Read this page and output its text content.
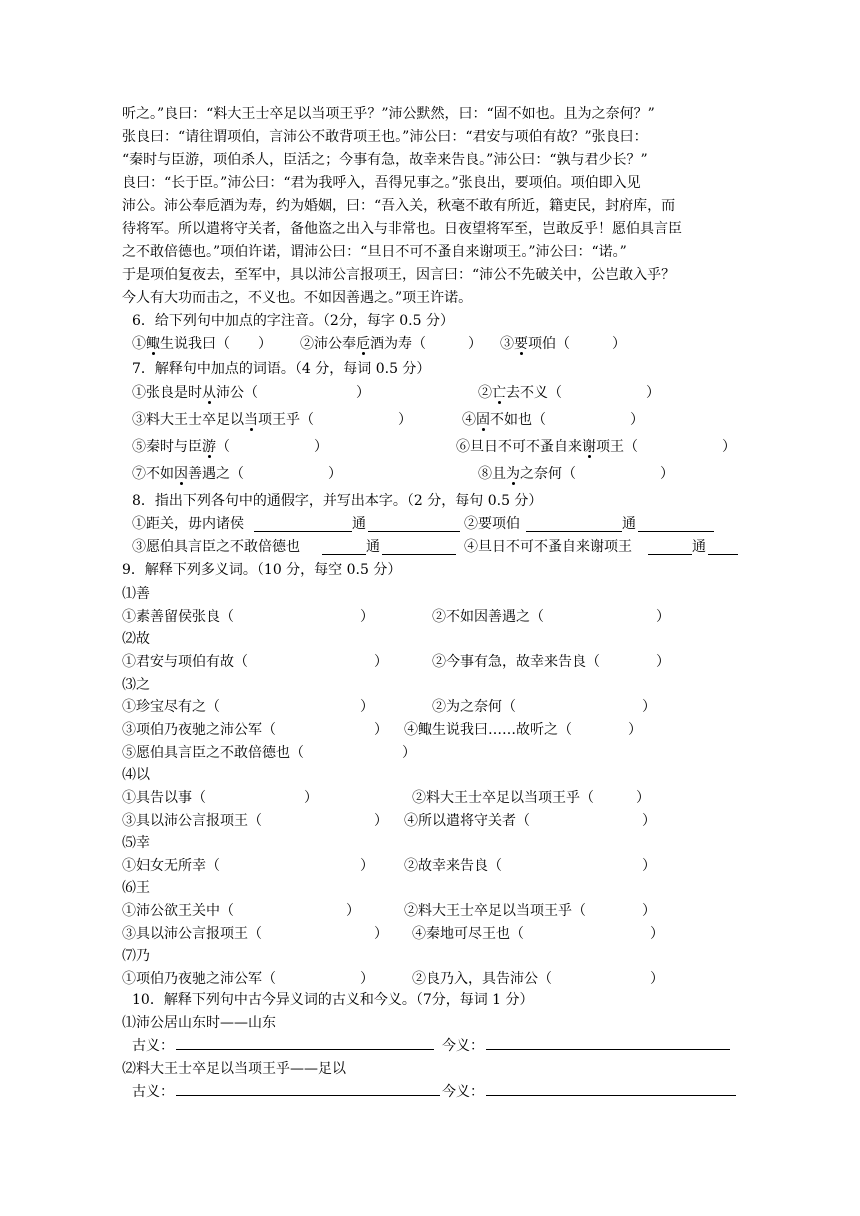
听之。”良曰：“料大王士卒足以当项王乎？”沛公默然，曰：“固不如也。且为之奈何？”
张良曰：“请往谓项伯，言沛公不敢背项王也。”沛公曰：“君安与项伯有故？”张良曰：
“秦时与臣游，项伯杀人，臣活之；今事有急，故幸来告良。”沛公曰：“孰与君少长？”
良曰：“长于臣。”沛公曰：“君为我呼入，吾得兄事之。”张良出，要项伯。项伯即入见
沛公。沛公奉卮酒为寿，约为婚姻，曰：“吾入关，秋毫不敢有所近，籍吏民，封府库，而
待将军。所以遣将守关者，备他盗之出入与非常也。日夜望将军至，岂敢反乎！愿伯具言臣
之不敢倍德也。”项伯许诺，谓沛公曰：“旦日不可不蚤自来谢项王。”沛公曰：“诺。”
于是项伯复夜去，至军中，具以沛公言报项王，因言曰：“沛公不先破关中，公岂敢入乎？
今人有大功而击之，不义也。不如因善遇之。”项王许诺。
6．给下列句中加点的字注音。（2分，每字 0.5 分）
①鲰生说我曰（　　） ②沛公奉卮酒为寿（　　　） ③要项伯（　　　）
7．解释句中加点的词语。（4 分，每词 0.5 分）
①张良是时从沛公（　　　　　　　）	②亡去不义（　　　　　　）
③料大王士卒足以当项王乎（　　　　　　）	④固不如也（　　　　　　）
⑤秦时与臣游（　　　　　　）	⑥旦日不可不蚤自来谢项王（　　　　　　）
⑦不如因善遇之（　　　　　　）	⑧且为之奈何（　　　　　　）
8．指出下列各句中的通假字，并写出本字。（2 分，每句 0.5 分）
①距关，毋内诸侯	通	②要项伯	通
③愿伯具言臣之不敢倍德也	通	④旦日不可不蚤自来谢项王	通
9．解释下列多义词。（10 分，每空 0.5 分）
⑴善
①素善留侯张良（　　　　　　　　　）	②不如因善遇之（　　　　　　　　）
⑵故
①君安与项伯有故（　　　　　　　　　）	②今事有急，故幸来告良（　　　　）
⑶之
①珍宝尽有之（　　　　　　　　　　）	②为之奈何（　　　　　　　　　）
③项伯乃夜驰之沛公军（　　　　　　　） ④鲰生说我曰……故听之（　　　　）
⑤愿伯具言臣之不敢倍德也（　　　　　　　）
⑷以
①具告以事（　　　　　　　）	②料大王士卒足以当项王乎（　　　）
③具以沛公言报项王（　　　　　　　　） ④所以遣将守关者（　　　　　　　　）
⑸幸
①妇女无所幸（　　　　　　　　　　） ②故幸来告良（　　　　　　　　　　）
⑹王
①沛公欲王关中（　　　　　　　　）	②料大王士卒足以当项王乎（　　　　）
③具以沛公言报项王（　　　　　　　　） ④秦地可尽王也（　　　　　　　　　）
⑺乃
①项伯乃夜驰之沛公军（　　　　　　）	②良乃入，具告沛公（　　　　　　　）
10．解释下列句中古今异义词的古义和今义。（7分，每词 1 分）
⑴沛公居山东时——山东
古义：	今义：
⑵料大王士卒足以当项王乎——足以
古义：	今义：
